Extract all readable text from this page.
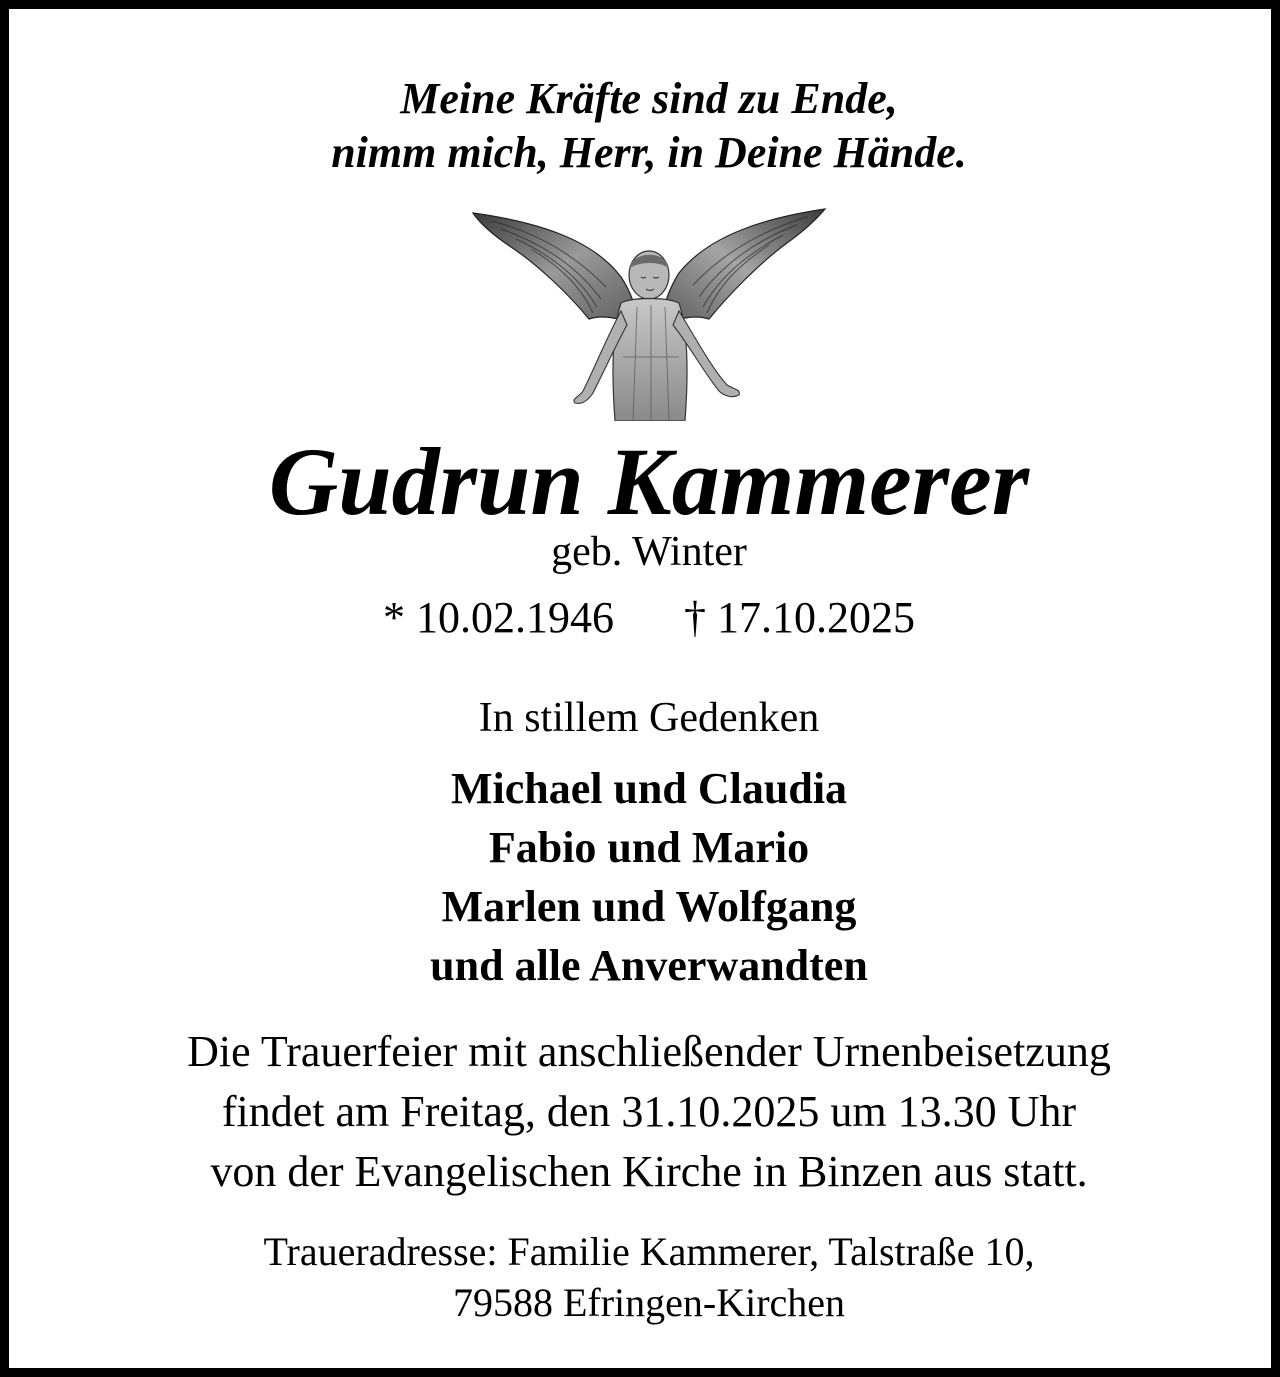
Meine Kräfte sind zu Ende,

nimm mich, Herr, in Deine Hände.

Gudrun Kammerer

geb. Winter

* 10.02.1946 † 17.10.2025

In stillem Gedenken

Michael und Claudia

Fabio und Mario

Marlen und Wolfgang

und alle Anverwandten

Die Trauerfeier mit anschließender Urnenbeisetzung

findet am Freitag, den 31.10.2025 um 13.30 Uhr

von der Evangelischen Kirche in Binzen aus statt.

Traueradresse: Familie Kammerer, Talstraße 10,

79588 Efringen-Kirchen
